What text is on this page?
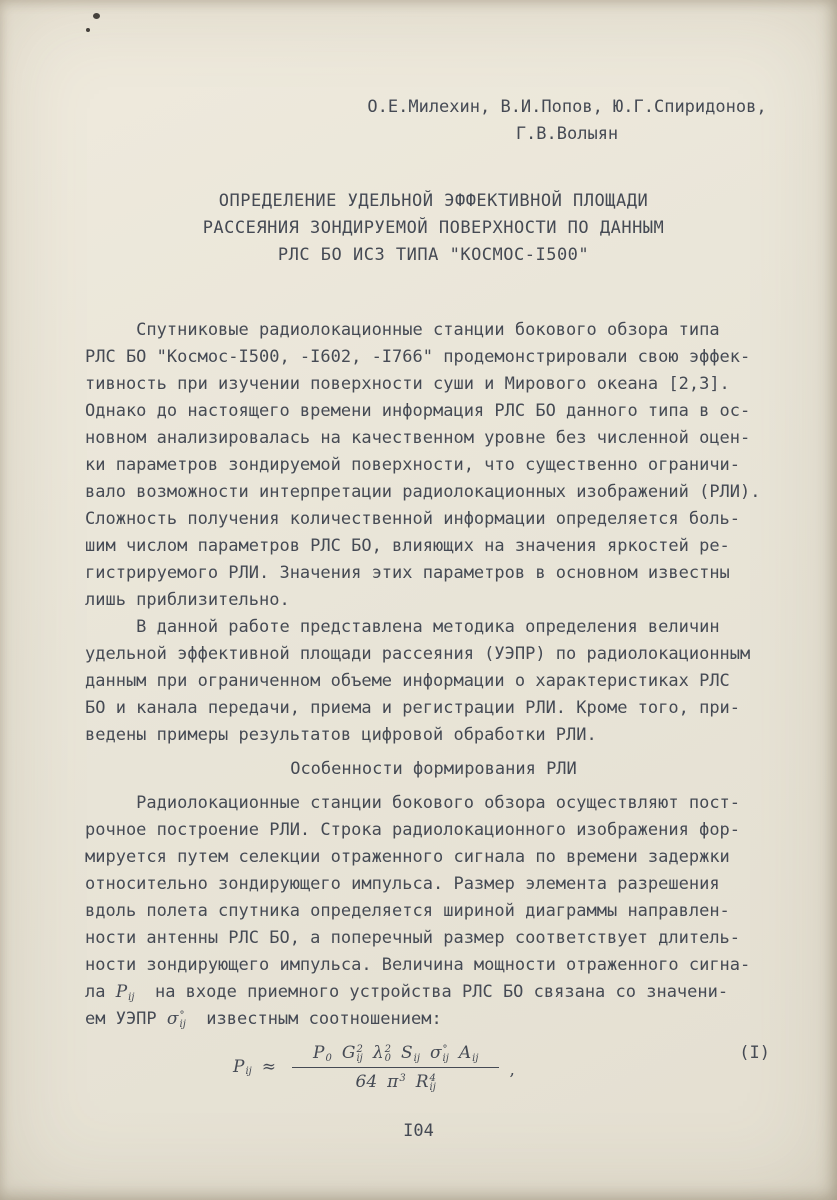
О.Е.Милехин, В.И.Попов, Ю.Г.Спиридонов,
Г.В.Волыян
ОПРЕДЕЛЕНИЕ УДЕЛЬНОЙ ЭФФЕКТИВНОЙ ПЛОЩАДИ
РАССЕЯНИЯ ЗОНДИРУЕМОЙ ПОВЕРХНОСТИ ПО ДАННЫМ
РЛС БО ИСЗ ТИПА "КОСМОС-I500"
Спутниковые радиолокационные станции бокового обзора типа
РЛС БО "Космос-I500, -I602, -I766" продемонстрировали свою эффек-
тивность при изучении поверхности суши и Мирового океана [2,3].
Однако до настоящего времени информация РЛС БО данного типа в ос-
новном анализировалась на качественном уровне без численной оцен-
ки параметров зондируемой поверхности, что существенно ограничи-
вало возможности интерпретации радиолокационных изображений (РЛИ).
Сложность получения количественной информации определяется боль-
шим числом параметров РЛС БО, влияющих на значения яркостей ре-
гистрируемого РЛИ. Значения этих параметров в основном известны
лишь приблизительно.
В данной работе представлена методика определения величин
удельной эффективной площади рассеяния (УЭПР) по радиолокационным
данным при ограниченном объеме информации о характеристиках РЛС
БО и канала передачи, приема и регистрации РЛИ. Кроме того, при-
ведены примеры результатов цифровой обработки РЛИ.
Особенности формирования РЛИ
Радиолокационные станции бокового обзора осуществляют пост-
рочное построение РЛИ. Строка радиолокационного изображения фор-
мируется путем селекции отраженного сигнала по времени задержки
относительно зондирующего импульса. Размер элемента разрешения
вдоль полета спутника определяется шириной диаграммы направлен-
ности антенны РЛС БО, а поперечный размер соответствует длитель-
ности зондирующего импульса. Величина мощности отраженного сигна-
ла P ij на входе приемного устройства РЛС БО связана со значени-
ем УЭПР σ °
ij известным соотношением:
P ij ≈ P 0 G 2
ij λ 2
0 S ij σ °
ij A ij
64 π 3 R 4
ij ,
(I)
I04
